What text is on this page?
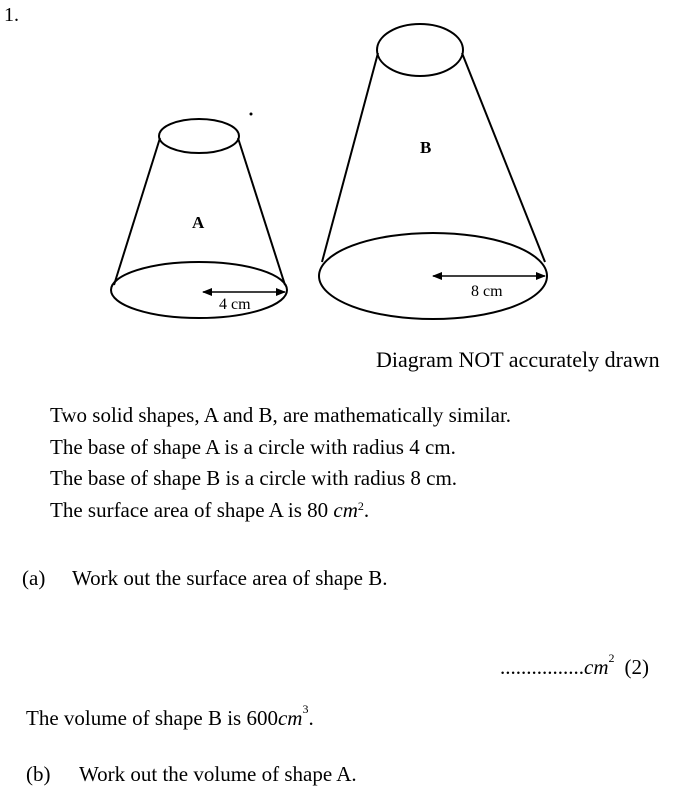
1.
A
4 cm
B
8 cm
Diagram NOT accurately drawn
Two solid shapes, A and B, are mathematically similar.
The base of shape A is a circle with radius 4 cm.
The base of shape B is a circle with radius 8 cm.
The surface area of shape A is 80 $cm^2$.
(a) Work out the surface area of shape B.
$................cm^2$ (2)
The volume of shape B is $600cm^3$.
(b) Work out the volume of shape A.
